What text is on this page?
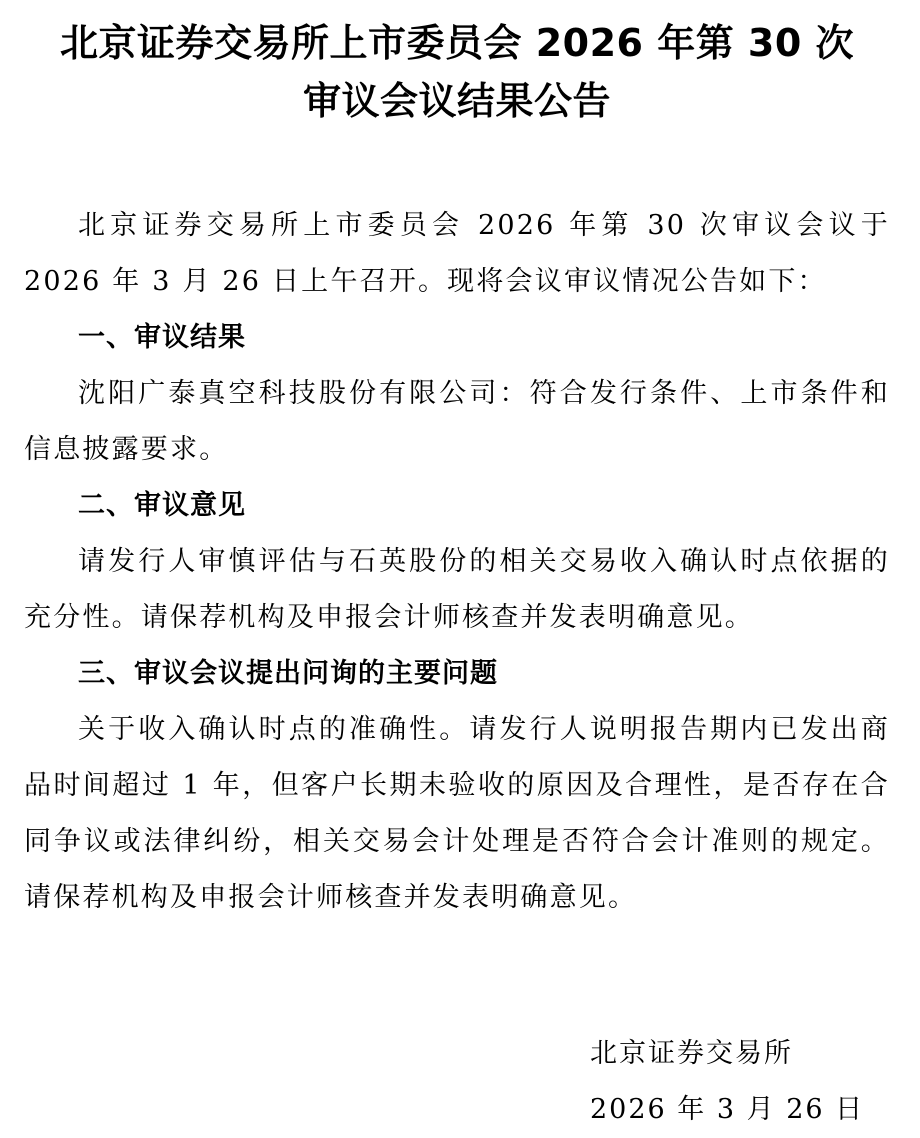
北京证券交易所上市委员会 2026 年第 30 次
审议会议结果公告

北京证券交易所上市委员会 2026 年第 30 次审议会议于 2026 年 3 月 26 日上午召开。现将会议审议情况公告如下：

一、审议结果

沈阳广泰真空科技股份有限公司：符合发行条件、上市条件和信息披露要求。

二、审议意见

请发行人审慎评估与石英股份的相关交易收入确认时点依据的充分性。请保荐机构及申报会计师核查并发表明确意见。

三、审议会议提出问询的主要问题

关于收入确认时点的准确性。请发行人说明报告期内已发出商品时间超过 1 年，但客户长期未验收的原因及合理性，是否存在合同争议或法律纠纷，相关交易会计处理是否符合会计准则的规定。请保荐机构及申报会计师核查并发表明确意见。

北京证券交易所
2026 年 3 月 26 日
